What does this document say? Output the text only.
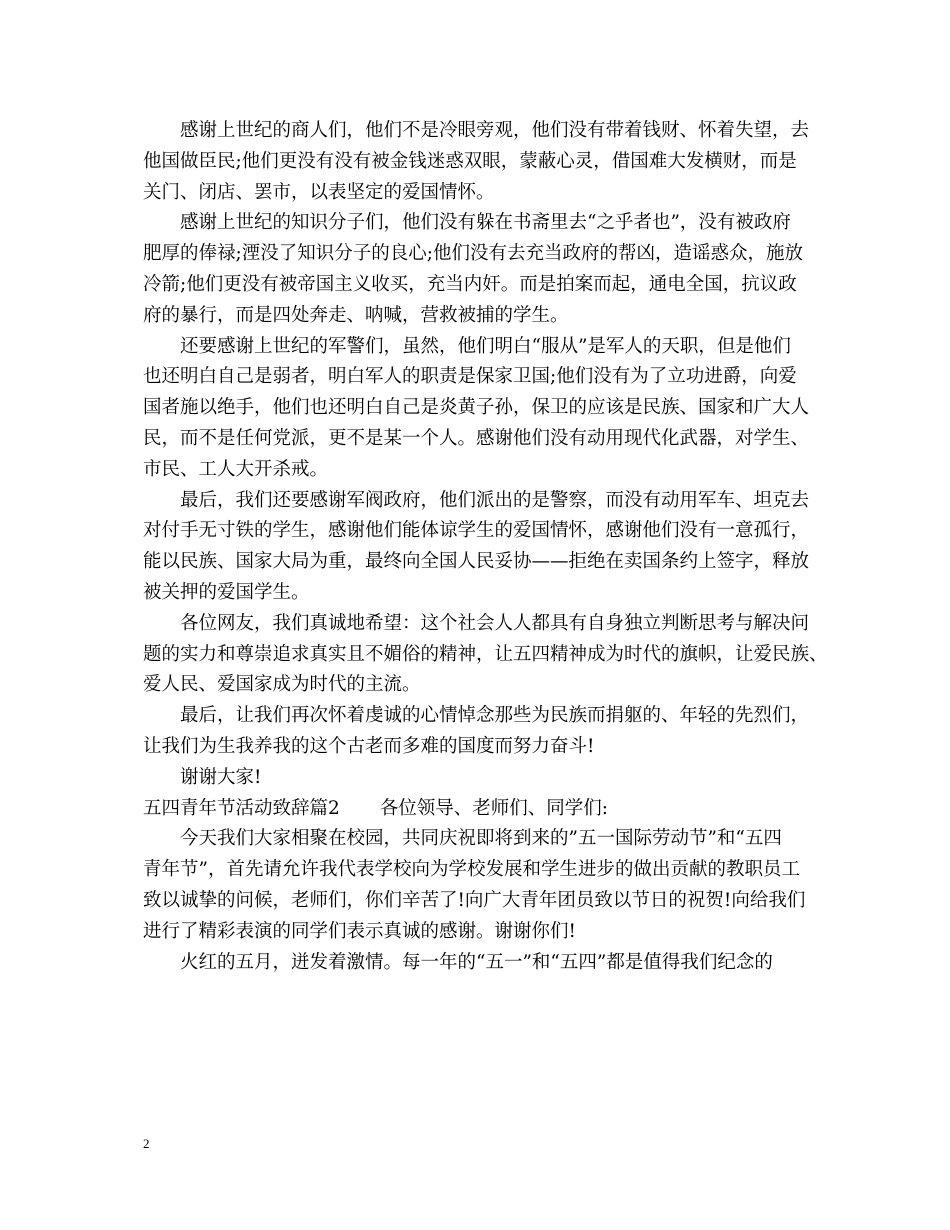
感谢上世纪的商人们，他们不是冷眼旁观，他们没有带着钱财、怀着失望，去
他国做臣民;他们更没有没有被金钱迷惑双眼，蒙蔽心灵，借国难大发横财，而是
关门、闭店、罢市，以表坚定的爱国情怀。
感谢上世纪的知识分子们，他们没有躲在书斋里去“之乎者也”，没有被政府
肥厚的俸禄;湮没了知识分子的良心;他们没有去充当政府的帮凶，造谣惑众，施放
冷箭;他们更没有被帝国主义收买，充当内奸。而是拍案而起，通电全国，抗议政
府的暴行，而是四处奔走、呐喊，营救被捕的学生。
还要感谢上世纪的军警们，虽然，他们明白“服从”是军人的天职，但是他们
也还明白自己是弱者，明白军人的职责是保家卫国;他们没有为了立功进爵，向爱
国者施以绝手，他们也还明白自己是炎黄子孙，保卫的应该是民族、国家和广大人
民，而不是任何党派，更不是某一个人。感谢他们没有动用现代化武器，对学生、
市民、工人大开杀戒。
最后，我们还要感谢军阀政府，他们派出的是警察，而没有动用军车、坦克去
对付手无寸铁的学生，感谢他们能体谅学生的爱国情怀，感谢他们没有一意孤行，
能以民族、国家大局为重，最终向全国人民妥协——拒绝在卖国条约上签字，释放
被关押的爱国学生。
各位网友，我们真诚地希望：这个社会人人都具有自身独立判断思考与解决问
题的实力和尊崇追求真实且不媚俗的精神，让五四精神成为时代的旗帜，让爱民族、
爱人民、爱国家成为时代的主流。
最后，让我们再次怀着虔诚的心情悼念那些为民族而捐躯的、年轻的先烈们，
让我们为生我养我的这个古老而多难的国度而努力奋斗!
谢谢大家!
五四青年节活动致辞篇2 各位领导、老师们、同学们:
今天我们大家相聚在校园，共同庆祝即将到来的”五一国际劳动节”和“五四
青年节”，首先请允许我代表学校向为学校发展和学生进步的做出贡献的教职员工
致以诚挚的问候，老师们，你们辛苦了!向广大青年团员致以节日的祝贺!向给我们
进行了精彩表演的同学们表示真诚的感谢。谢谢你们!
火红的五月，迸发着激情。每一年的“五一”和“五四”都是值得我们纪念的
2
